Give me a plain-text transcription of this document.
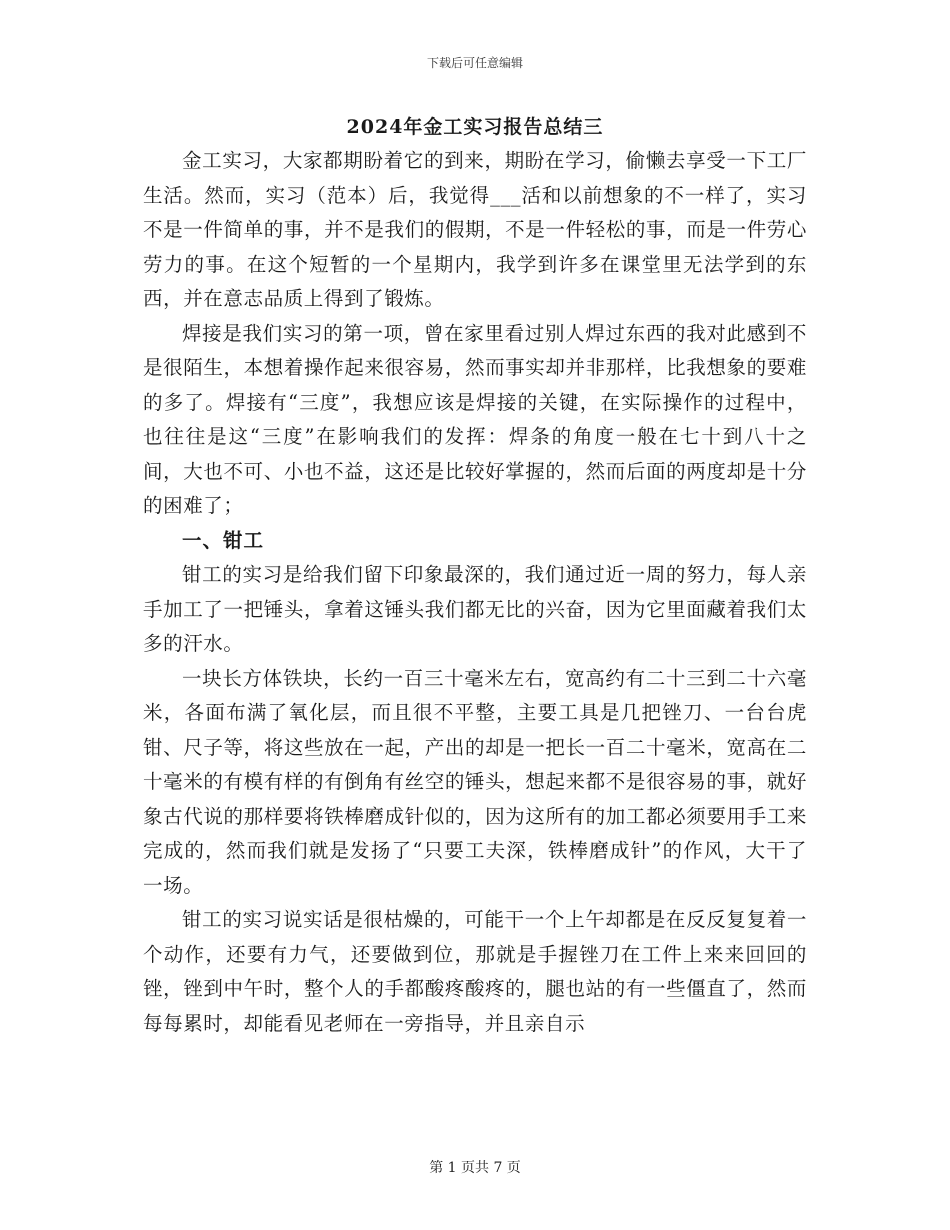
下载后可任意编辑
2024年金工实习报告总结三

金工实习，大家都期盼着它的到来，期盼在学习，偷懒去享受一下工厂生活。然而，实习（范本）后，我觉得___活和以前想象的不一样了，实习不是一件简单的事，并不是我们的假期，不是一件轻松的事，而是一件劳心劳力的事。在这个短暂的一个星期内，我学到许多在课堂里无法学到的东西，并在意志品质上得到了锻炼。

焊接是我们实习的第一项，曾在家里看过别人焊过东西的我对此感到不是很陌生，本想着操作起来很容易，然而事实却并非那样，比我想象的要难的多了。焊接有“三度”，我想应该是焊接的关键，在实际操作的过程中，也往往是这“三度”在影响我们的发挥：焊条的角度一般在七十到八十之间，大也不可、小也不益，这还是比较好掌握的，然而后面的两度却是十分的困难了；

一、钳工

钳工的实习是给我们留下印象最深的，我们通过近一周的努力，每人亲手加工了一把锤头，拿着这锤头我们都无比的兴奋，因为它里面藏着我们太多的汗水。

一块长方体铁块，长约一百三十毫米左右，宽高约有二十三到二十六毫米，各面布满了氧化层，而且很不平整，主要工具是几把锉刀、一台台虎钳、尺子等，将这些放在一起，产出的却是一把长一百二十毫米，宽高在二十毫米的有模有样的有倒角有丝空的锤头，想起来都不是很容易的事，就好象古代说的那样要将铁棒磨成针似的，因为这所有的加工都必须要用手工来完成的，然而我们就是发扬了“只要工夫深，铁棒磨成针”的作风，大干了一场。

钳工的实习说实话是很枯燥的，可能干一个上午却都是在反反复复着一个动作，还要有力气，还要做到位，那就是手握锉刀在工件上来来回回的锉，锉到中午时，整个人的手都酸疼酸疼的，腿也站的有一些僵直了，然而每每累时，却能看见老师在一旁指导，并且亲自示

第 1 页共 7 页
